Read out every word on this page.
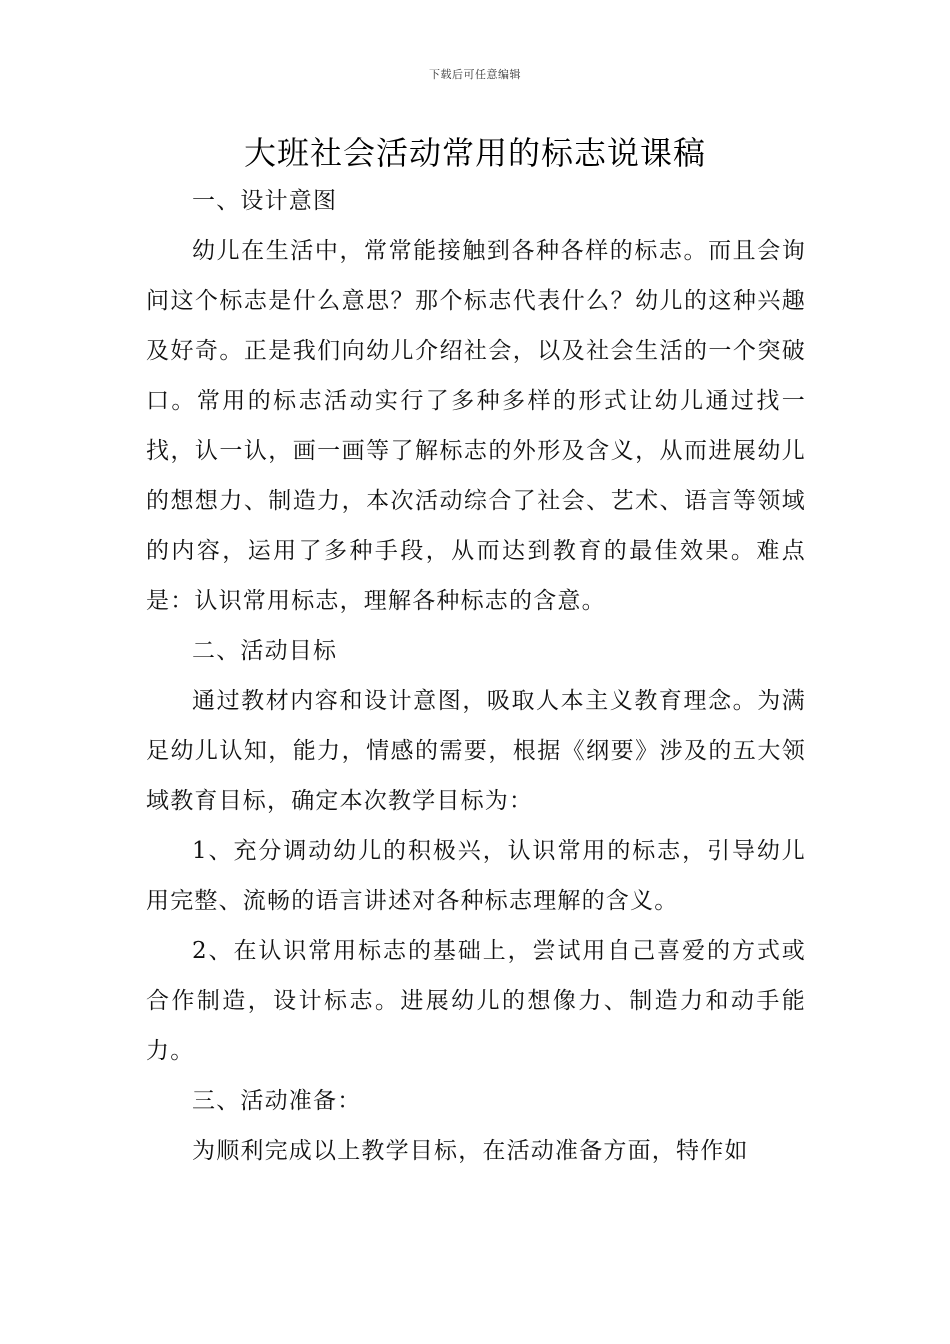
下载后可任意编辑
大班社会活动常用的标志说课稿

一、设计意图

幼儿在生活中，常常能接触到各种各样的标志。而且会询问这个标志是什么意思？那个标志代表什么？幼儿的这种兴趣及好奇。正是我们向幼儿介绍社会，以及社会生活的一个突破口。常用的标志活动实行了多种多样的形式让幼儿通过找一找，认一认，画一画等了解标志的外形及含义，从而进展幼儿的想想力、制造力，本次活动综合了社会、艺术、语言等领域的内容，运用了多种手段，从而达到教育的最佳效果。难点是：认识常用标志，理解各种标志的含意。

二、活动目标

通过教材内容和设计意图，吸取人本主义教育理念。为满足幼儿认知，能力，情感的需要，根据《纲要》涉及的五大领域教育目标，确定本次教学目标为：

1、充分调动幼儿的积极兴，认识常用的标志，引导幼儿用完整、流畅的语言讲述对各种标志理解的含义。

2、在认识常用标志的基础上，尝试用自己喜爱的方式或合作制造，设计标志。进展幼儿的想像力、制造力和动手能力。

三、活动准备：

为顺利完成以上教学目标，在活动准备方面，特作如
